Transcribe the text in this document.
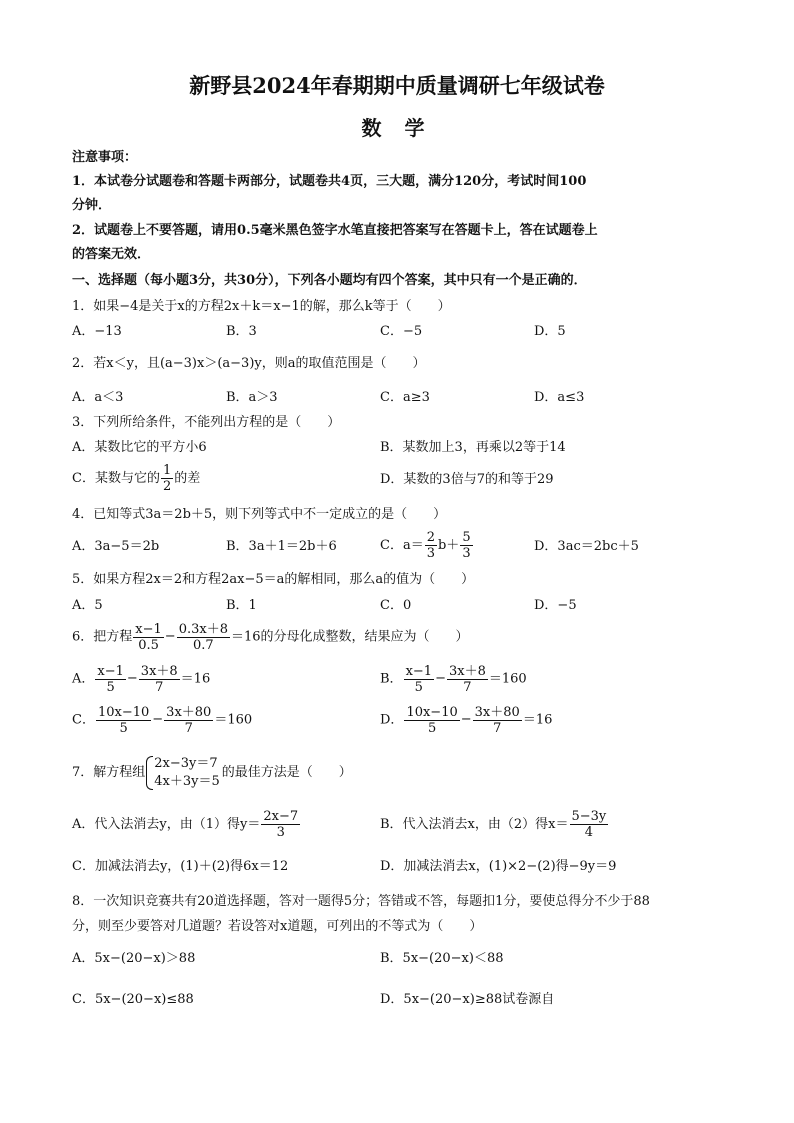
新野县2024年春期期中质量调研七年级试卷
数 学
注意事项：
1．本试卷分试题卷和答题卡两部分，试题卷共4页，三大题，满分120分，考试时间100
分钟．
2．试题卷上不要答题，请用0.5毫米黑色签字水笔直接把答案写在答题卡上，答在试题卷上
的答案无效．
一、选择题（每小题3分，共30分），下列各小题均有四个答案，其中只有一个是正确的．
1．如果−4是关于x的方程2x＋k＝x−1的解，那么k等于（　　）
A．−13	B．3	C．−5	D．5
2．若x＜y，且(a−3)x＞(a−3)y，则a的取值范围是（　　）
A．a＜3	B．a＞3	C．a≥3	D．a≤3
3．下列所给条件，不能列出方程的是（　　）
A．某数比它的平方小6	B．某数加上3，再乘以2等于14
C．某数与它的 $\frac{1}{2}$ 的差	D．某数的3倍与7的和等于29
4．已知等式3a＝2b＋5，则下列等式中不一定成立的是（　　）
A．3a−5＝2b	B．3a＋1＝2b＋6	C．$a= \frac{2}{3} b+ \frac{5}{3}$	D．3ac＝2bc＋5
5．如果方程2x＝2和方程2ax−5＝a的解相同，那么a的值为（　　）
A．5	B．1	C．0	D．−5
6．把方程 $\frac{x-1}{0.5} - \frac{0.3x+8}{0.7} =16$的分母化成整数，结果应为（　　）
A． $\frac{x-1}{5} - \frac{3x+8}{7} =16$	B． $\frac{x-1}{5} - \frac{3x+8}{7} =160$
C． $\frac{10x-10}{5} - \frac{3x+80}{7} =160$	D． $\frac{10x-10}{5} - \frac{3x+80}{7} =16$
7．解方程组
2x−3y＝7
4x＋3y＝5
的最佳方法是（　　）
A．代入法消去y，由（1）得$y= \frac{2x-7}{3}$	B．代入法消去x，由（2）得$x= \frac{5-3y}{4}$
C．加减法消去y，(1)＋(2)得6x＝12	D．加减法消去x，(1)×2−(2)得−9y＝9
8．一次知识竞赛共有20道选择题，答对一题得5分；答错或不答，每题扣1分，要使总得分不少于88
分，则至少要答对几道题？若设答对x道题，可列出的不等式为（　　）
A．5x−(20−x)＞88	B．5x−(20−x)＜88
C．5x−(20−x)≤88	D．5x−(20−x)≥88试卷源自
